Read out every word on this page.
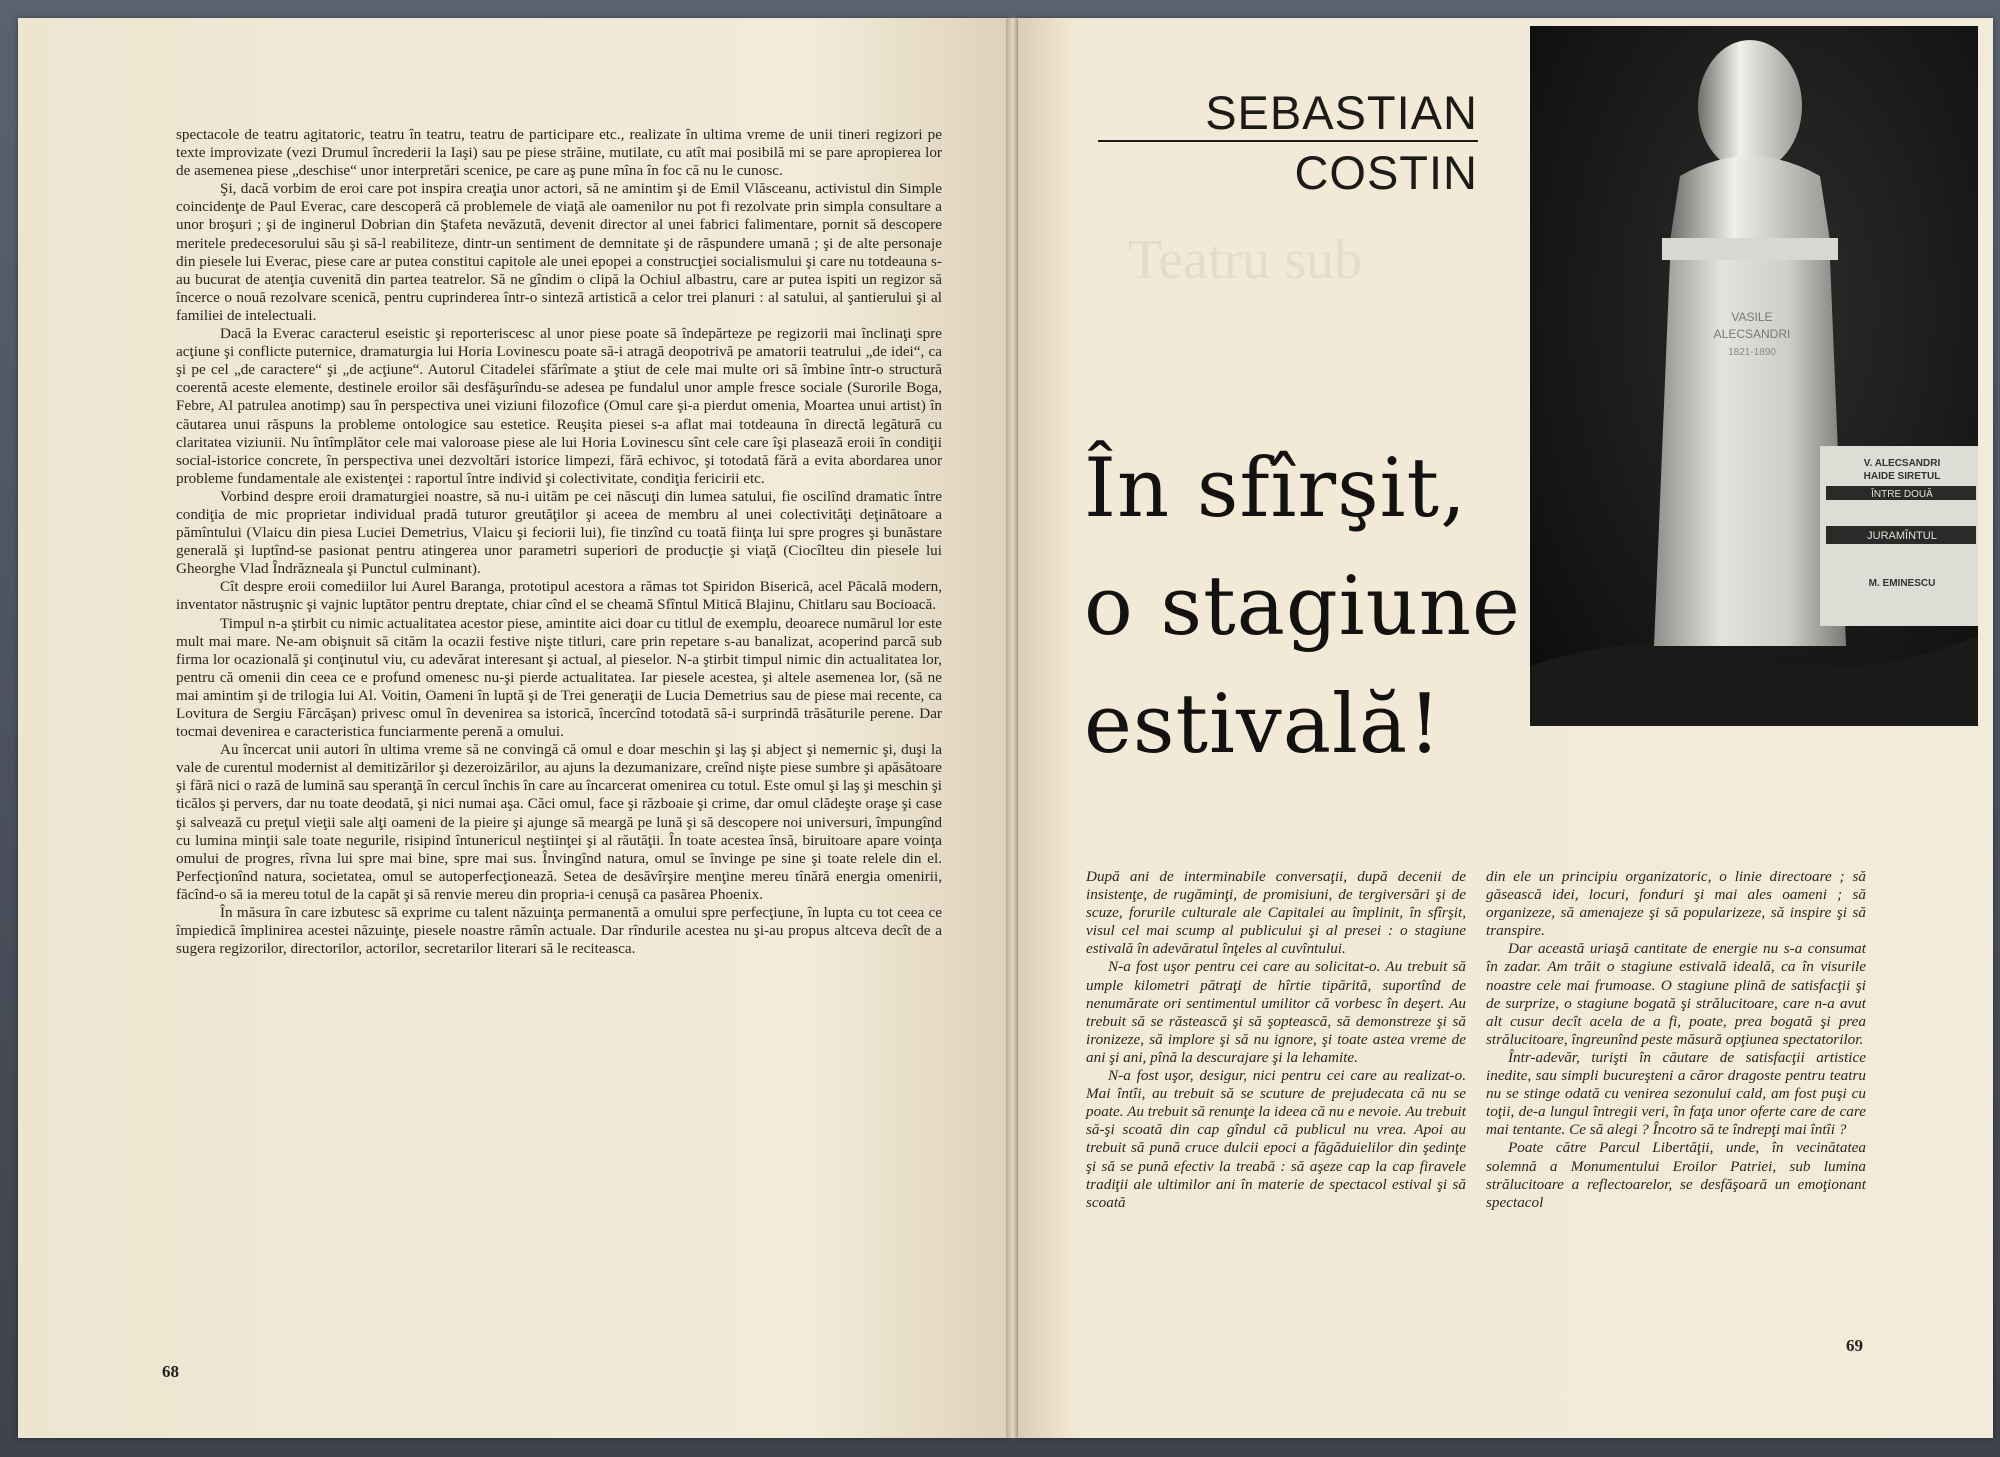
spectacole de teatru agitatoric, teatru în teatru, teatru de participare etc., realizate în ultima vreme de unii tineri regizori pe texte improvizate (vezi Drumul încrederii la Iaşi) sau pe piese străine, mutilate, cu atît mai posibilă mi se pare apropierea lor de asemenea piese „deschise“ unor interpretări scenice, pe care aş pune mîna în foc că nu le cunosc.

Şi, dacă vorbim de eroi care pot inspira creaţia unor actori, să ne amintim şi de Emil Vlăsceanu, activistul din Simple coincidenţe de Paul Everac, care descoperă că problemele de viaţă ale oamenilor nu pot fi rezolvate prin simpla consultare a unor broşuri ; şi de inginerul Dobrian din Ştafeta nevăzută, devenit director al unei fabrici falimentare, pornit să descopere meritele predecesorului său şi să-l reabiliteze, dintr-un sentiment de demnitate şi de răspundere umană ; şi de alte personaje din piesele lui Everac, piese care ar putea constitui capitole ale unei epopei a construcţiei socialismului şi care nu totdeauna s-au bucurat de atenţia cuvenită din partea teatrelor. Să ne gîndim o clipă la Ochiul albastru, care ar putea ispiti un regizor să încerce o nouă rezolvare scenică, pentru cuprinderea într-o sinteză artistică a celor trei planuri : al satului, al şantierului şi al familiei de intelectuali.

Dacă la Everac caracterul eseistic şi reporteriscesc al unor piese poate să îndepărteze pe regizorii mai înclinaţi spre acţiune şi conflicte puternice, dramaturgia lui Horia Lovinescu poate să-i atragă deopotrivă pe amatorii teatrului „de idei“, ca şi pe cel „de caractere“ şi „de acţiune“. Autorul Citadelei sfărîmate a ştiut de cele mai multe ori să îmbine într-o structură coerentă aceste elemente, destinele eroilor săi desfăşurîndu-se adesea pe fundalul unor ample fresce sociale (Surorile Boga, Febre, Al patrulea anotimp) sau în perspectiva unei viziuni filozofice (Omul care şi-a pierdut omenia, Moartea unui artist) în căutarea unui răspuns la probleme ontologice sau estetice. Reuşita piesei s-a aflat mai totdeauna în directă legătură cu claritatea viziunii. Nu întîmplător cele mai valoroase piese ale lui Horia Lovinescu sînt cele care îşi plasează eroii în condiţii social-istorice concrete, în perspectiva unei dezvoltări istorice limpezi, fără echivoc, şi totodată fără a evita abordarea unor probleme fundamentale ale existenţei : raportul între individ şi colectivitate, condiţia fericirii etc.

Vorbind despre eroii dramaturgiei noastre, să nu-i uităm pe cei născuţi din lumea satului, fie oscilînd dramatic între condiţia de mic proprietar individual pradă tuturor greutăţilor şi aceea de membru al unei colectivităţi deţinătoare a pămîntului (Vlaicu din piesa Luciei Demetrius, Vlaicu şi feciorii lui), fie tinzînd cu toată fiinţa lui spre progres şi bunăstare generală şi luptînd-se pasionat pentru atingerea unor parametri superiori de producţie şi viaţă (Ciocîlteu din piesele lui Gheorghe Vlad Îndrăzneala şi Punctul culminant).

Cît despre eroii comediilor lui Aurel Baranga, prototipul acestora a rămas tot Spiridon Biserică, acel Păcală modern, inventator năstruşnic şi vajnic luptător pentru dreptate, chiar cînd el se cheamă Sfîntul Mitică Blajinu, Chitlaru sau Bocioacă.

Timpul n-a ştirbit cu nimic actualitatea acestor piese, amintite aici doar cu titlul de exemplu, deoarece numărul lor este mult mai mare. Ne-am obişnuit să cităm la ocazii festive nişte titluri, care prin repetare s-au banalizat, acoperind parcă sub firma lor ocazională şi conţinutul viu, cu adevărat interesant şi actual, al pieselor. N-a ştirbit timpul nimic din actualitatea lor, pentru că omenii din ceea ce e profund omenesc nu-şi pierde actualitatea. Iar piesele acestea, şi altele asemenea lor, (să ne mai amintim şi de trilogia lui Al. Voitin, Oameni în luptă şi de Trei generaţii de Lucia Demetrius sau de piese mai recente, ca Lovitura de Sergiu Fărcăşan) privesc omul în devenirea sa istorică, încercînd totodată să-i surprindă trăsăturile perene. Dar tocmai devenirea e caracteristica funciarmente perenă a omului.

Au încercat unii autori în ultima vreme să ne convingă că omul e doar meschin şi laş şi abject şi nemernic şi, duşi la vale de curentul modernist al demitizărilor şi dezeroizărilor, au ajuns la dezumanizare, creînd nişte piese sumbre şi apăsătoare şi fără nici o rază de lumină sau speranţă în cercul închis în care au încarcerat omenirea cu totul. Este omul şi laş şi meschin şi ticălos şi pervers, dar nu toate deodată, şi nici numai aşa. Căci omul, face şi războaie şi crime, dar omul clădeşte oraşe şi case şi salvează cu preţul vieţii sale alţi oameni de la pieire şi ajunge să meargă pe lună şi să descopere noi universuri, împungînd cu lumina minţii sale toate negurile, risipind întunericul neştiinţei şi al răutăţii. În toate acestea însă, biruitoare apare voinţa omului de progres, rîvna lui spre mai bine, spre mai sus. Învingînd natura, omul se învinge pe sine şi toate relele din el. Perfecţionînd natura, societatea, omul se autoperfecţionează. Setea de desăvîrşire menţine mereu tînără energia omenirii, făcînd-o să ia mereu totul de la capăt şi să renvie mereu din propria-i cenuşă ca pasărea Phoenix.

În măsura în care izbutesc să exprime cu talent năzuinţa permanentă a omului spre perfecţiune, în lupta cu tot ceea ce împiedică împlinirea acestei năzuinţe, piesele noastre rămîn actuale. Dar rîndurile acestea nu şi-au propus altceva decît de a sugera regizorilor, directorilor, actorilor, secretarilor literari să le reciteasca.

68
SEBASTIAN
COSTIN
VASILE
ALECSANDRI
1821-1890
V. ALECSANDRI
HAIDE SIRETUL
ÎNTRE DOUĂ
JURAMÎNTUL
M. EMINESCU
Teatru sub
În sfîrşit,
o stagiune
estivală!

După ani de interminabile conversaţii, după decenii de insistenţe, de rugăminţi, de promisiuni, de tergiversări şi de scuze, forurile culturale ale Capitalei au împlinit, în sfîrşit, visul cel mai scump al publicului şi al presei : o stagiune estivală în adevăratul înţeles al cuvîntului.

N-a fost uşor pentru cei care au solicitat-o. Au trebuit să umple kilometri pătraţi de hîrtie tipărită, suportînd de nenumărate ori sentimentul umilitor că vorbesc în deşert. Au trebuit să se răstească şi să şoptească, să demonstreze şi să ironizeze, să implore şi să nu ignore, şi toate astea vreme de ani şi ani, pînă la descurajare şi la lehamite.

N-a fost uşor, desigur, nici pentru cei care au realizat-o. Mai întîi, au trebuit să se scuture de prejudecata că nu se poate. Au trebuit să renunţe la ideea că nu e nevoie. Au trebuit să-şi scoată din cap gîndul că publicul nu vrea. Apoi au trebuit să pună cruce dulcii epoci a făgăduielilor din şedinţe şi să se pună efectiv la treabă : să aşeze cap la cap firavele tradiţii ale ultimilor ani în materie de spectacol estival şi să scoată

din ele un principiu organizatoric, o linie directoare ; să găsească idei, locuri, fonduri şi mai ales oameni ; să organizeze, să amenajeze şi să popularizeze, să inspire şi să transpire.

Dar această uriaşă cantitate de energie nu s-a consumat în zadar. Am trăit o stagiune estivală ideală, ca în visurile noastre cele mai frumoase. O stagiune plină de satisfacţii şi de surprize, o stagiune bogată şi strălucitoare, care n-a avut alt cusur decît acela de a fi, poate, prea bogată şi prea strălucitoare, îngreunînd peste măsură opţiunea spectatorilor.

Într-adevăr, turişti în căutare de satisfacţii artistice inedite, sau simpli bucureşteni a căror dragoste pentru teatru nu se stinge odată cu venirea sezonului cald, am fost puşi cu toţii, de-a lungul întregii veri, în faţa unor oferte care de care mai tentante. Ce să alegi ? Încotro să te îndrepţi mai întîi ?

Poate către Parcul Libertăţii, unde, în vecinătatea solemnă a Monumentului Eroilor Patriei, sub lumina strălucitoare a reflectoarelor, se desfăşoară un emoţionant spectacol

69
